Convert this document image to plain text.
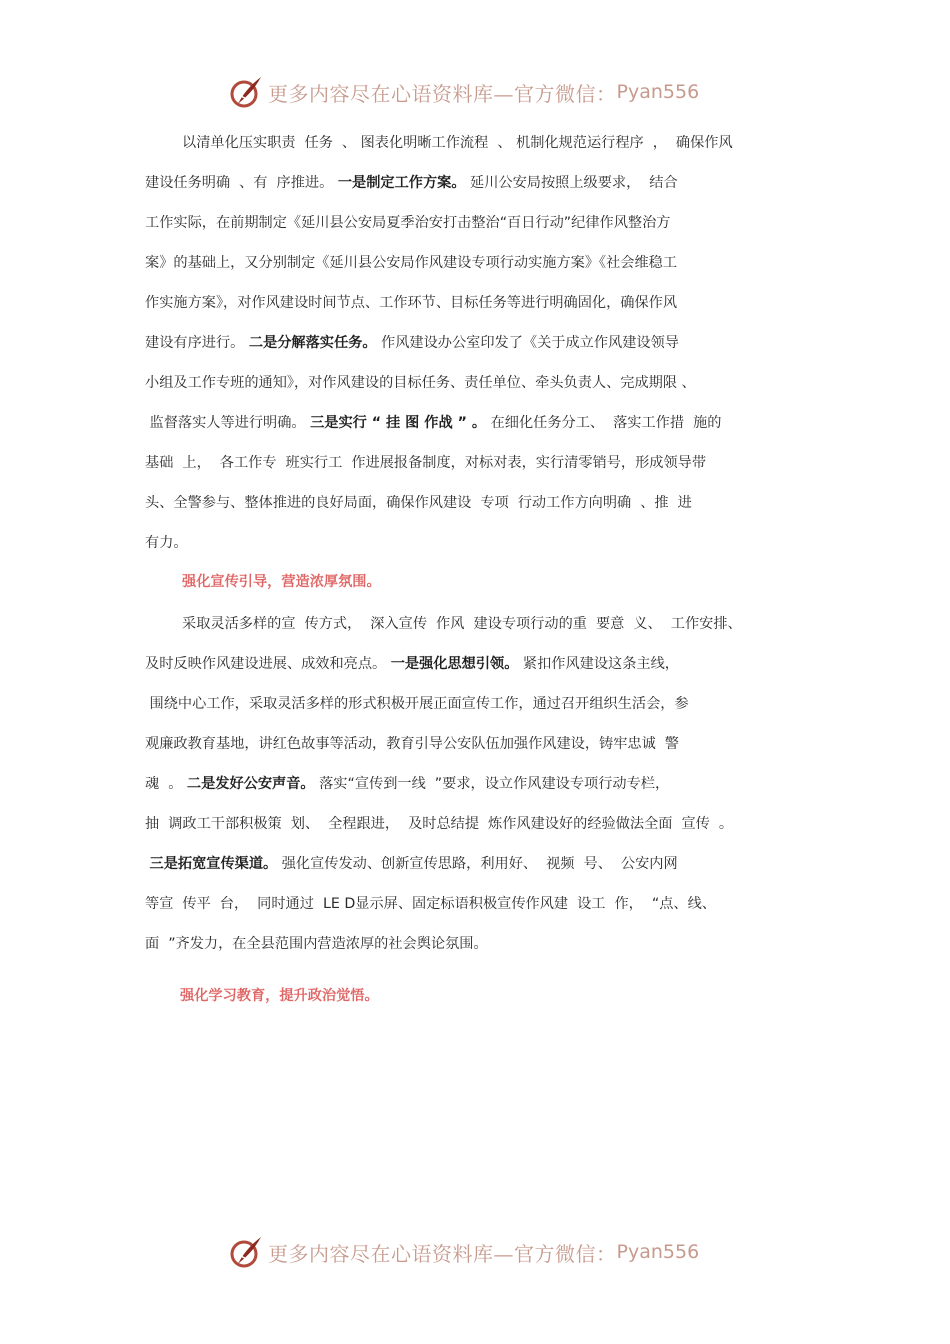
更多内容尽在心语资料库—官方微信： Pyan556
以清单化压实职责  任务  、 图表化明晰工作流程  、 机制化规范运行程序  ，  确保作风
建设任务明确  、有  序推进。 一是制定工作方案。 延川公安局按照上级要求，  结合
工作实际，在前期制定《延川县公安局夏季治安打击整治“百日行动”纪律作风整治方
案》的基础上，又分别制定《延川县公安局作风建设专项行动实施方案》《社会维稳工
作实施方案》，对作风建设时间节点、工作环节、目标任务等进行明确固化，确保作风
建设有序进行。 二是分解落实任务。 作风建设办公室印发了《关于成立作风建设领导
小组及工作专班的通知》，对作风建设的目标任务、责任单位、牵头负责人、完成期限 、
监督落实人等进行明确。 三是实行 “ 挂 图 作战 ” 。 在细化任务分工、  落实工作措  施的
基础  上，  各工作专  班实行工  作进展报备制度，对标对表，实行清零销号，形成领导带
头、全警参与、整体推进的良好局面，确保作风建设  专项  行动工作方向明确  、推  进
有力。
强化宣传引导，营造浓厚氛围。
采取灵活多样的宣  传方式，  深入宣传  作风  建设专项行动的重  要意  义、  工作安排、
及时反映作风建设进展、成效和亮点。 一是强化思想引领。 紧扣作风建设这条主线，
围绕中心工作，采取灵活多样的形式积极开展正面宣传工作，通过召开组织生活会，参
观廉政教育基地，讲红色故事等活动，教育引导公安队伍加强作风建设，铸牢忠诚  警
魂  。 二是发好公安声音。 落实“宣传到一线  ”要求，设立作风建设专项行动专栏，
抽  调政工干部积极策  划、  全程跟进，  及时总结提  炼作风建设好的经验做法全面  宣传  。
三是拓宽宣传渠道。 强化宣传发动、创新宣传思路，利用好、  视频  号、  公安内网
等宣  传平  台，  同时通过  LE D显示屏、固定标语积极宣传作风建  设工  作，  “点、线、
面  ”齐发力，在全县范围内营造浓厚的社会舆论氛围。
强化学习教育，提升政治觉悟。
更多内容尽在心语资料库—官方微信： Pyan556
